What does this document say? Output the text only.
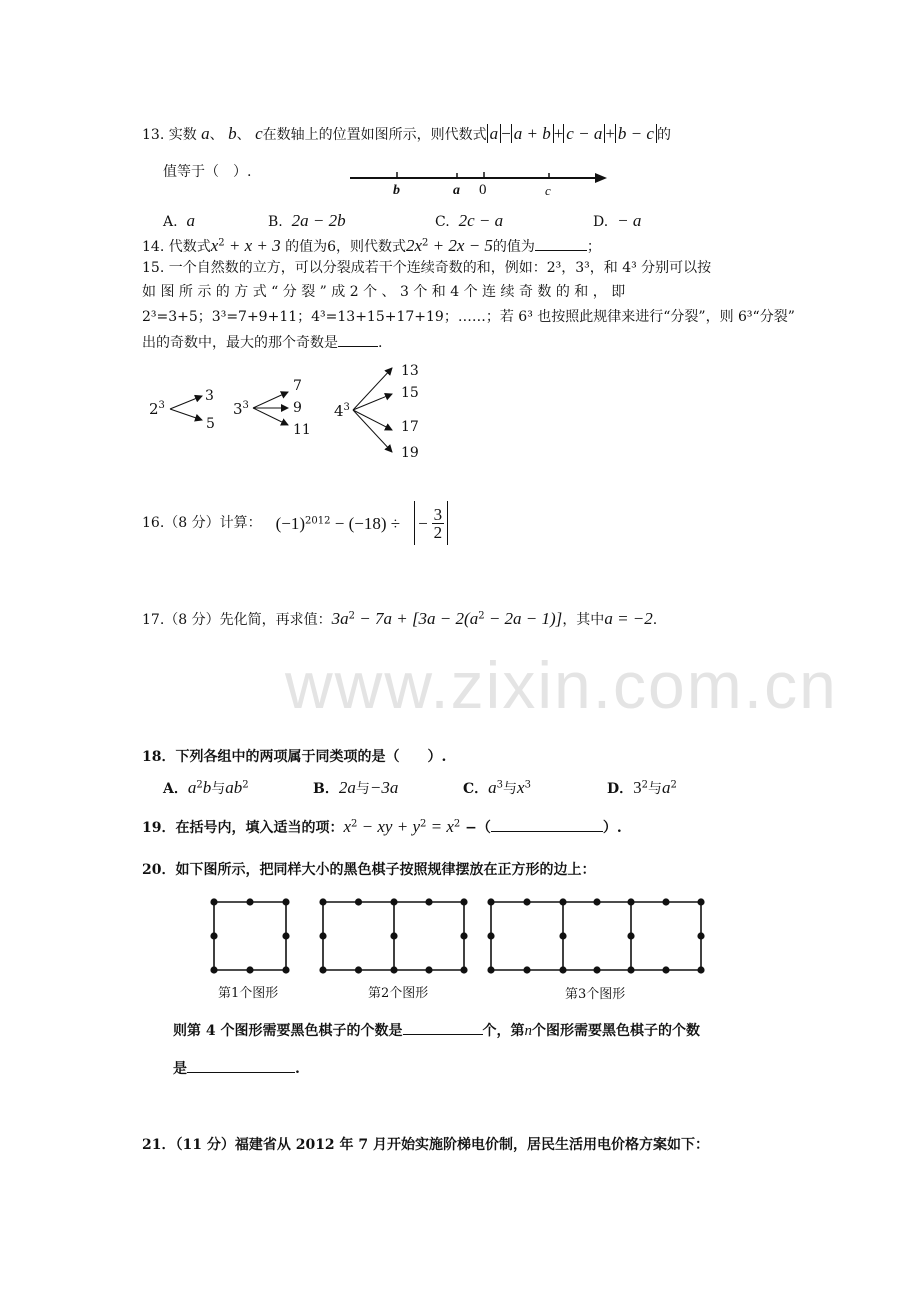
www.zixin.com.cn
13. 实数 a、 b、 c在数轴上的位置如图所示，则代数式 a − a + b + c − a + b − c 的
值等于（　）.
b	a 0	c
A. a	B. 2a − 2b	C. 2c − a	D. − a
14. 代数式$x^2 + x + 3$ 的值为6，则代数式$2x^2 + 2x - 5$的值为	；
15. 一个自然数的立方，可以分裂成若干个连续奇数的和，例如：2³，3³，和 4³ 分别可以按
如 图 所 示 的 方 式 “ 分 裂 ” 成 2 个 、 3 个 和 4 个 连 续 奇 数 的 和 ， 即
2³=3+5；3³=7+9+11；4³=13+15+17+19；……；若 6³ 也按照此规律来进行“分裂”，则 6³“分裂”
出的奇数中，最大的那个奇数是	.
$2^3$	$3^3$	$4^3$
3
5
7
9
11
13
15
17
19
16.（8 分）计算： $(-1)^{2012} - (-18)$ ÷ − $\frac{3}{2}$
17.（8 分）先化简，再求值：$3a^2 - 7a + [3a - 2(a^2 - 2a - 1)]$，其中a = −2.
18．下列各组中的两项属于同类项的是（　　）.
A．$a^2b$与$ab^2$	B．2a与−3a	C．$a^3$与$x^3$	D．$3^2$与$a^2$
19．在括号内，填入适当的项：$x^2$ − xy + $y^2 = x^2$ −（	）.
20．如下图所示，把同样大小的黑色棋子按照规律摆放在正方形的边上：
第1个图形	第2个图形	第3个图形
则第 4 个图形需要黑色棋子的个数是	个，第n个图形需要黑色棋子的个数
是	.
21．（11 分）福建省从 2012 年 7 月开始实施阶梯电价制，居民生活用电价格方案如下：
